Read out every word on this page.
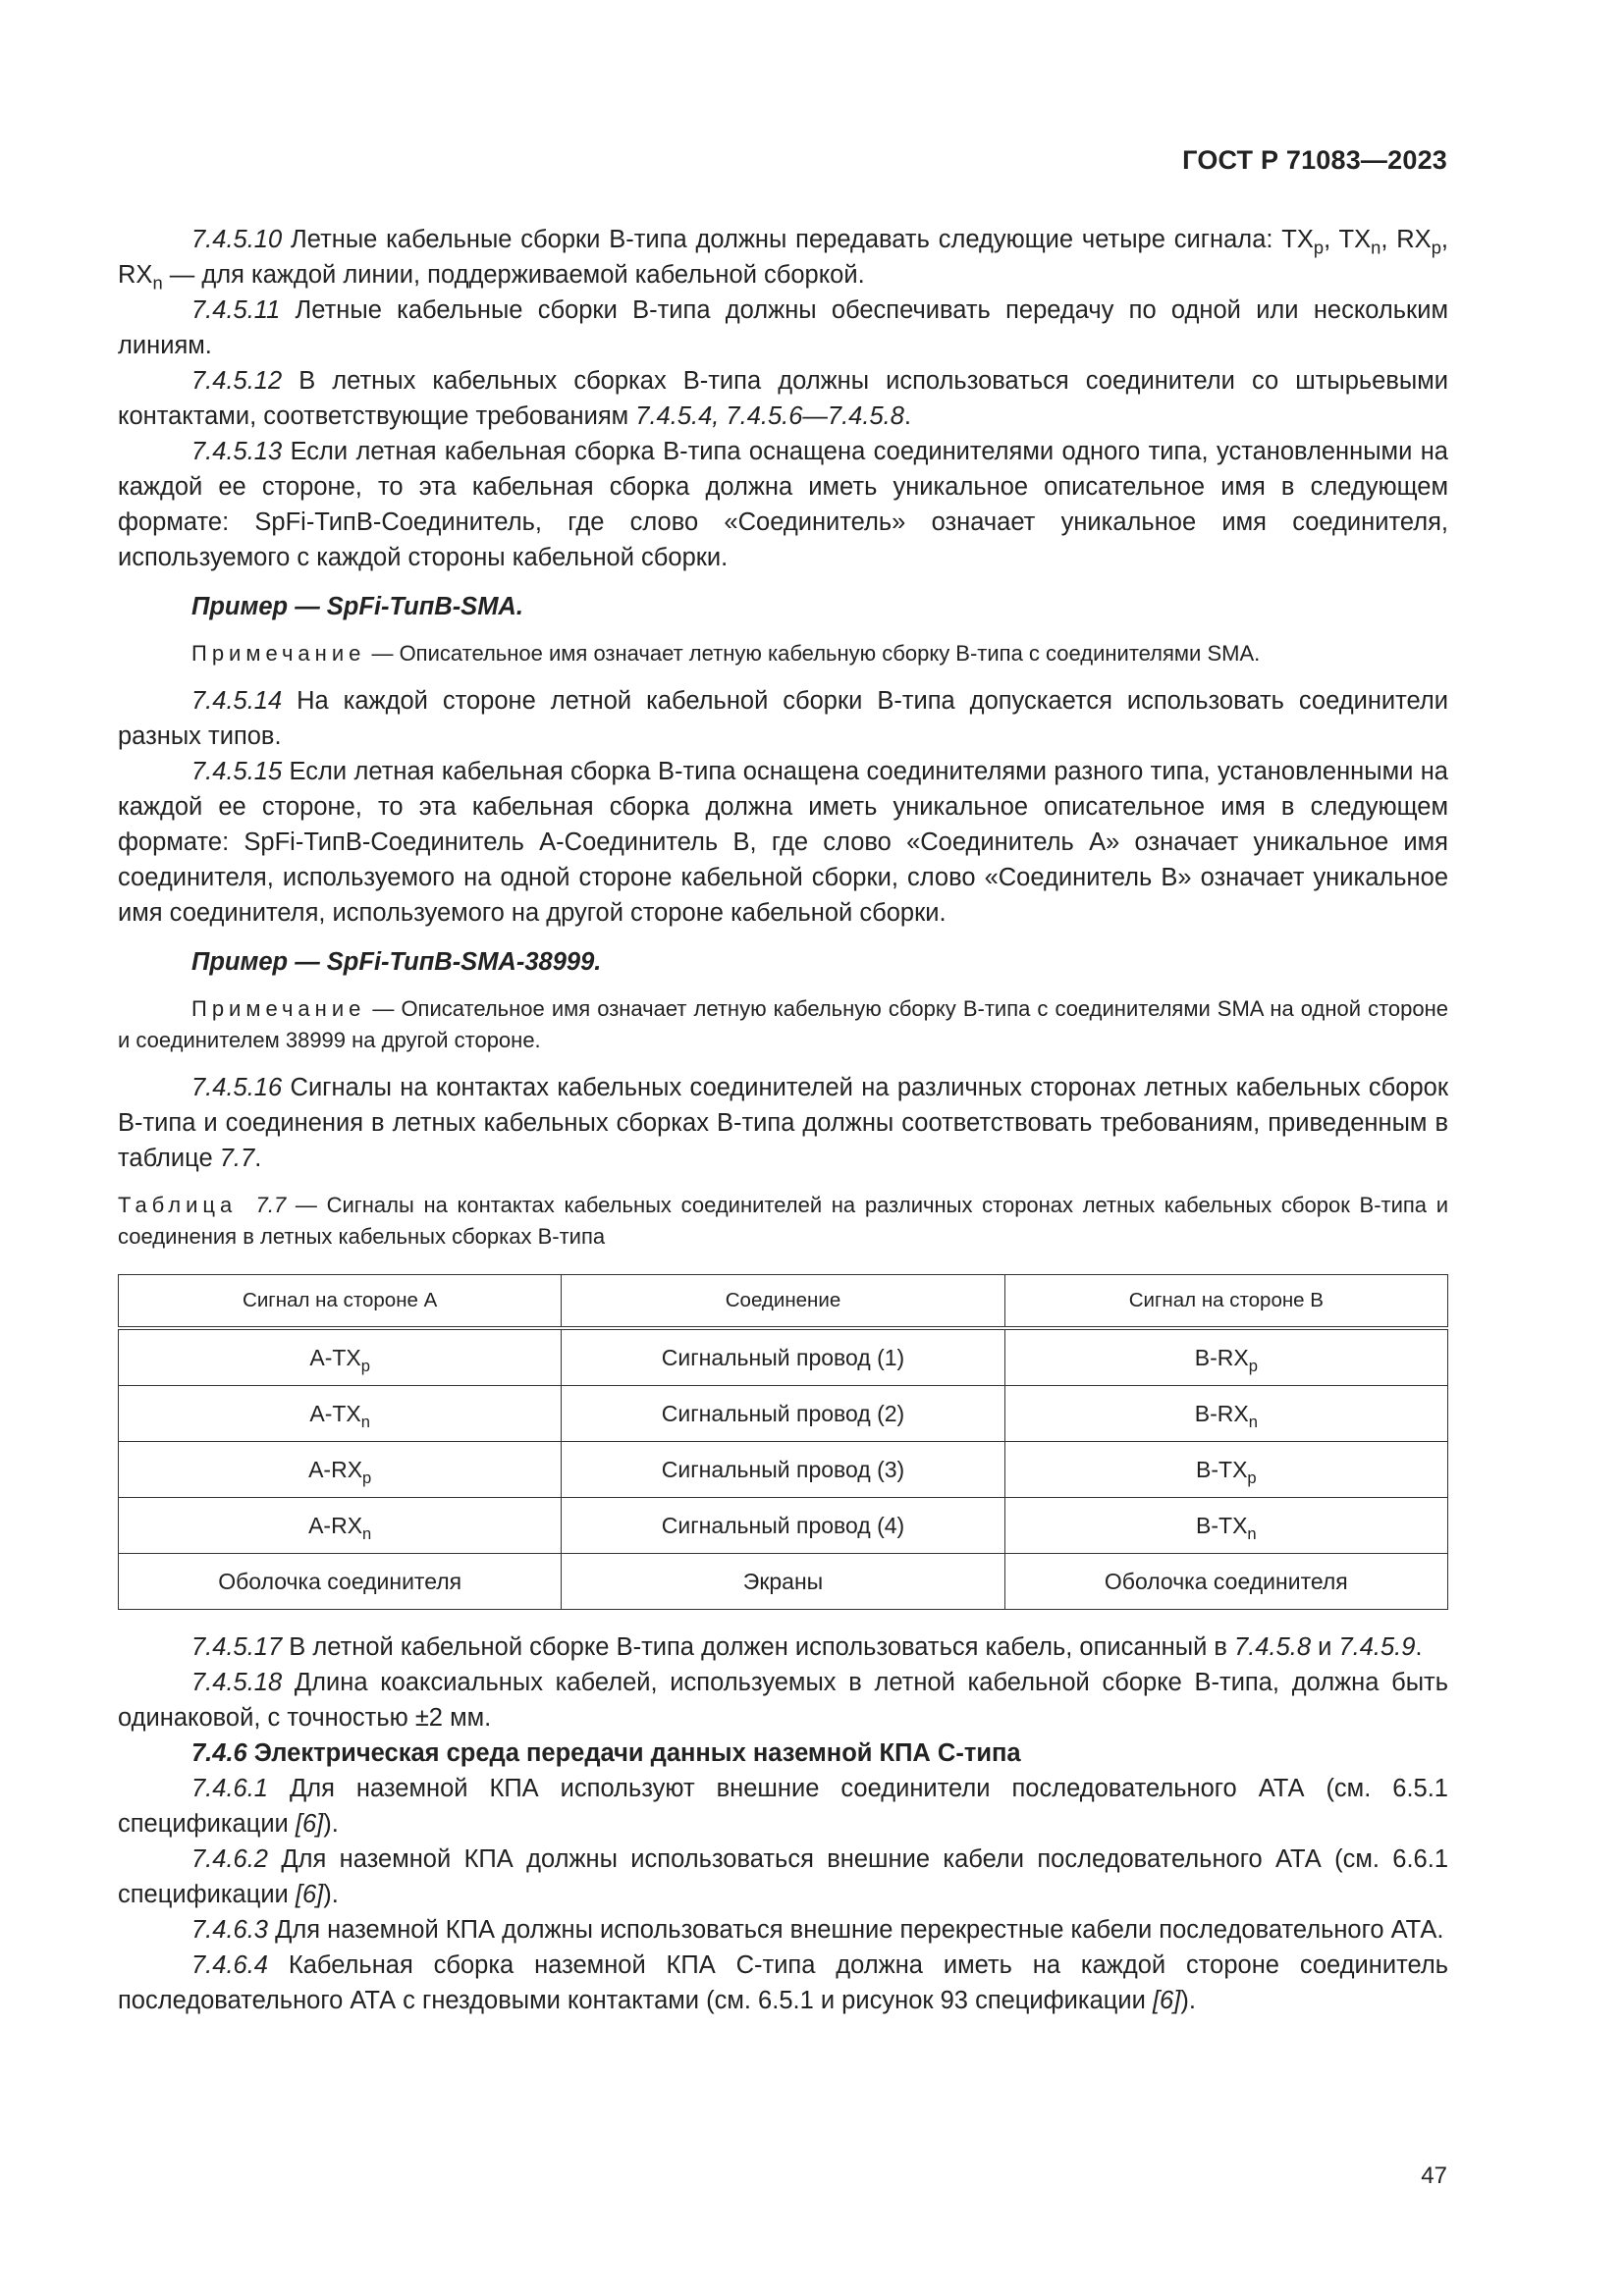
ГОСТ Р 71083—2023

7.4.5.10 Летные кабельные сборки В-типа должны передавать следующие четыре сигнала: $TX_p$, $TX_n$, $RX_p$, $RX_n$ — для каждой линии, поддерживаемой кабельной сборкой.

7.4.5.11 Летные кабельные сборки В-типа должны обеспечивать передачу по одной или нескольким линиям.

7.4.5.12 В летных кабельных сборках В-типа должны использоваться соединители со штырьевыми контактами, соответствующие требованиям 7.4.5.4, 7.4.5.6—7.4.5.8.

7.4.5.13 Если летная кабельная сборка В-типа оснащена соединителями одного типа, установленными на каждой ее стороне, то эта кабельная сборка должна иметь уникальное описательное имя в следующем формате: SpFi-ТипВ-Соединитель, где слово «Соединитель» означает уникальное имя соединителя, используемого с каждой стороны кабельной сборки.

Пример — SpFi-ТипВ-SMA.

Примечание — Описательное имя означает летную кабельную сборку В-типа с соединителями SMA.

7.4.5.14 На каждой стороне летной кабельной сборки В-типа допускается использовать соединители разных типов.

7.4.5.15 Если летная кабельная сборка В-типа оснащена соединителями разного типа, установленными на каждой ее стороне, то эта кабельная сборка должна иметь уникальное описательное имя в следующем формате: SpFi-ТипВ-Соединитель А-Соединитель В, где слово «Соединитель А» означает уникальное имя соединителя, используемого на одной стороне кабельной сборки, слово «Соединитель В» означает уникальное имя соединителя, используемого на другой стороне кабельной сборки.

Пример — SpFi-ТипВ-SMA-38999.

Примечание — Описательное имя означает летную кабельную сборку В-типа с соединителями SMA на одной стороне и соединителем 38999 на другой стороне.

7.4.5.16 Сигналы на контактах кабельных соединителей на различных сторонах летных кабельных сборок В-типа и соединения в летных кабельных сборках В-типа должны соответствовать требованиям, приведенным в таблице 7.7.

Таблица 7.7 — Сигналы на контактах кабельных соединителей на различных сторонах летных кабельных сборок В-типа и соединения в летных кабельных сборках В-типа

Сигнал на стороне А	Соединение	Сигнал на стороне В
$A-TX_p$	Сигнальный провод (1)	$B-RX_p$
$A-TX_n$	Сигнальный провод (2)	$B-RX_n$
$A-RX_p$	Сигнальный провод (3)	$B-TX_p$
$A-RX_n$	Сигнальный провод (4)	$B-TX_n$
Оболочка соединителя	Экраны	Оболочка соединителя

7.4.5.17 В летной кабельной сборке В-типа должен использоваться кабель, описанный в 7.4.5.8 и 7.4.5.9.

7.4.5.18 Длина коаксиальных кабелей, используемых в летной кабельной сборке В-типа, должна быть одинаковой, с точностью ±2 мм.

7.4.6 Электрическая среда передачи данных наземной КПА С-типа

7.4.6.1 Для наземной КПА используют внешние соединители последовательного АТА (см. 6.5.1 спецификации [6]).

7.4.6.2 Для наземной КПА должны использоваться внешние кабели последовательного АТА (см. 6.6.1 спецификации [6]).

7.4.6.3 Для наземной КПА должны использоваться внешние перекрестные кабели последовательного АТА.

7.4.6.4 Кабельная сборка наземной КПА С-типа должна иметь на каждой стороне соединитель последовательного АТА с гнездовыми контактами (см. 6.5.1 и рисунок 93 спецификации [6]).

47
